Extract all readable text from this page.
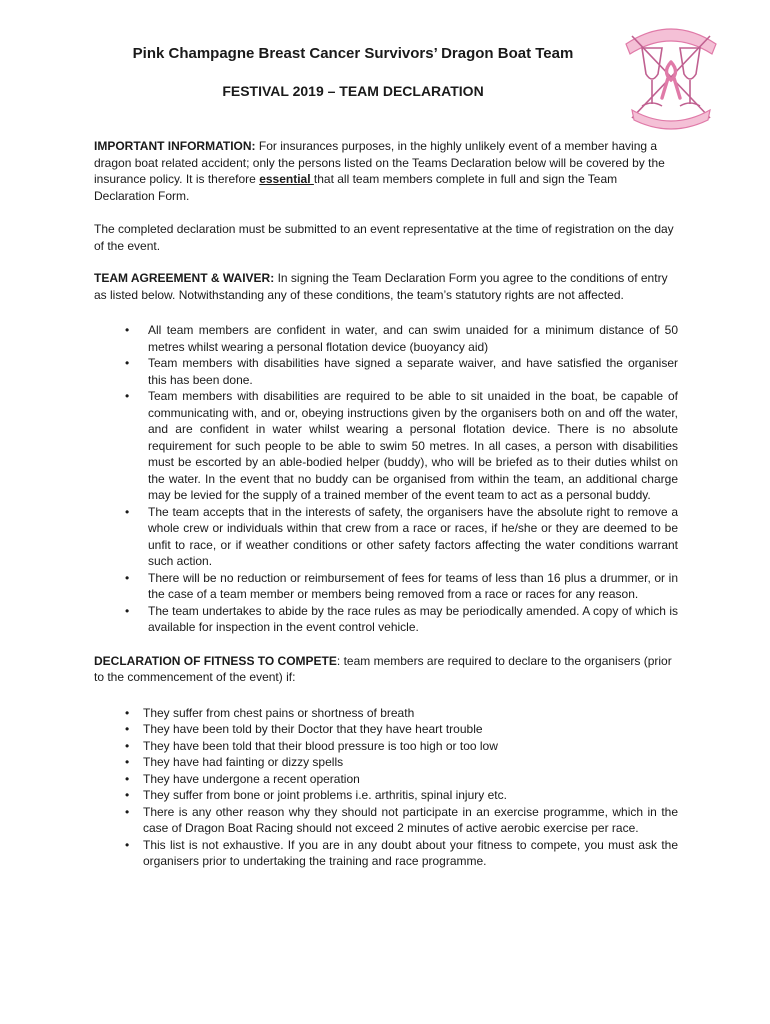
Pink Champagne Breast Cancer Survivors’ Dragon Boat Team
FESTIVAL 2019 – TEAM DECLARATION

IMPORTANT INFORMATION: For insurances purposes, in the highly unlikely event of a member having a dragon boat related accident; only the persons listed on the Teams Declaration below will be covered by the insurance policy. It is therefore essential that all team members complete in full and sign the Team Declaration Form.

The completed declaration must be submitted to an event representative at the time of registration on the day of the event.

TEAM AGREEMENT & WAIVER: In signing the Team Declaration Form you agree to the conditions of entry as listed below. Notwithstanding any of these conditions, the team’s statutory rights are not affected.

• All team members are confident in water, and can swim unaided for a minimum distance of 50 metres whilst wearing a personal flotation device (buoyancy aid)
• Team members with disabilities have signed a separate waiver, and have satisfied the organiser this has been done.
• Team members with disabilities are required to be able to sit unaided in the boat, be capable of communicating with, and or, obeying instructions given by the organisers both on and off the water, and are confident in water whilst wearing a personal flotation device. There is no absolute requirement for such people to be able to swim 50 metres. In all cases, a person with disabilities must be escorted by an able-bodied helper (buddy), who will be briefed as to their duties whilst on the water. In the event that no buddy can be organised from within the team, an additional charge may be levied for the supply of a trained member of the event team to act as a personal buddy.
• The team accepts that in the interests of safety, the organisers have the absolute right to remove a whole crew or individuals within that crew from a race or races, if he/she or they are deemed to be unfit to race, or if weather conditions or other safety factors affecting the water conditions warrant such action.
• There will be no reduction or reimbursement of fees for teams of less than 16 plus a drummer, or in the case of a team member or members being removed from a race or races for any reason.
• The team undertakes to abide by the race rules as may be periodically amended. A copy of which is available for inspection in the event control vehicle.

DECLARATION OF FITNESS TO COMPETE: team members are required to declare to the organisers (prior to the commencement of the event) if:

• They suffer from chest pains or shortness of breath
• They have been told by their Doctor that they have heart trouble
• They have been told that their blood pressure is too high or too low
• They have had fainting or dizzy spells
• They have undergone a recent operation
• They suffer from bone or joint problems i.e. arthritis, spinal injury etc.
• There is any other reason why they should not participate in an exercise programme, which in the case of Dragon Boat Racing should not exceed 2 minutes of active aerobic exercise per race.
• This list is not exhaustive. If you are in any doubt about your fitness to compete, you must ask the organisers prior to undertaking the training and race programme.
